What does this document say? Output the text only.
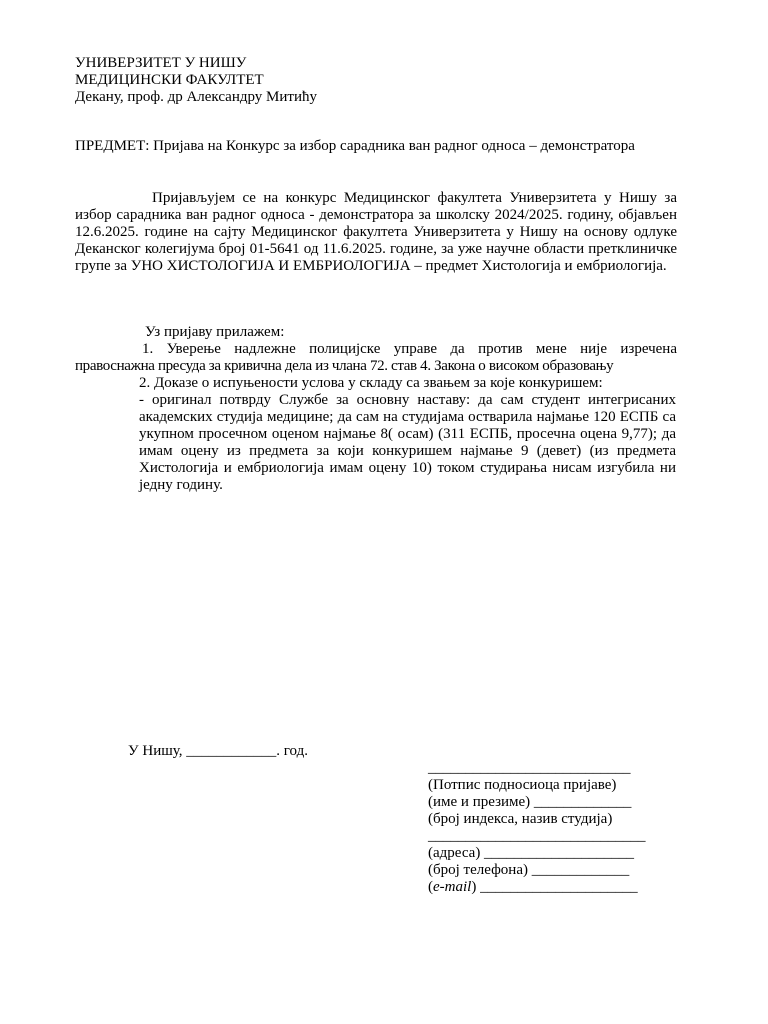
УНИВЕРЗИТЕТ У НИШУ
МЕДИЦИНСКИ ФАКУЛТЕТ
Декану, проф. др Александру Митићу
ПРЕДМЕТ: Пријава на Конкурс за избор сарадника ван радног односа – демонстратора
Пријављујем се на конкурс Медицинског факултета Универзитета у Нишу за избор сарадника ван радног односа - демонстратора за школску 2024/2025. годину, објављен 12.6.2025. године на сајту Медицинског факултета Универзитета у Нишу на основу одлуке Деканског колегијума број 01-5641 од 11.6.2025. године, за уже научне области претклиничке групе за УНО ХИСТОЛОГИЈА И ЕМБРИОЛОГИЈА – предмет Хистологија и ембриологија.
Уз пријаву прилажем:
1. Уверење надлежне полицијске управе да против мене није изречена
правоснажна пресуда за кривична дела из члана 72. став 4. Закона о високом образовању
2. Доказе о испуњености услова у складу са звањем за које конкуришем:
- оригинал потврду Службе за основну наставу: да сам студент интегрисаних академских студија медицине; да сам на студијама остварила најмање 120 ЕСПБ са укупном просечном оценом најмање 8( осам) (311 ЕСПБ, просечна оцена 9,77); да имам оцену из предмета за који конкуришем најмање 9 (девет) (из предмета Хистологија и ембриологија имам оцену 10) током студирања нисам изгубила ни једну годину.
У Нишу, ____________. год.
___________________________
(Потпис подносиоца пријаве)
(име и презиме) _____________
(број индекса, назив студија)
_____________________________
(адреса) ____________________
(број телефона) _____________
(e-mail) _____________________
